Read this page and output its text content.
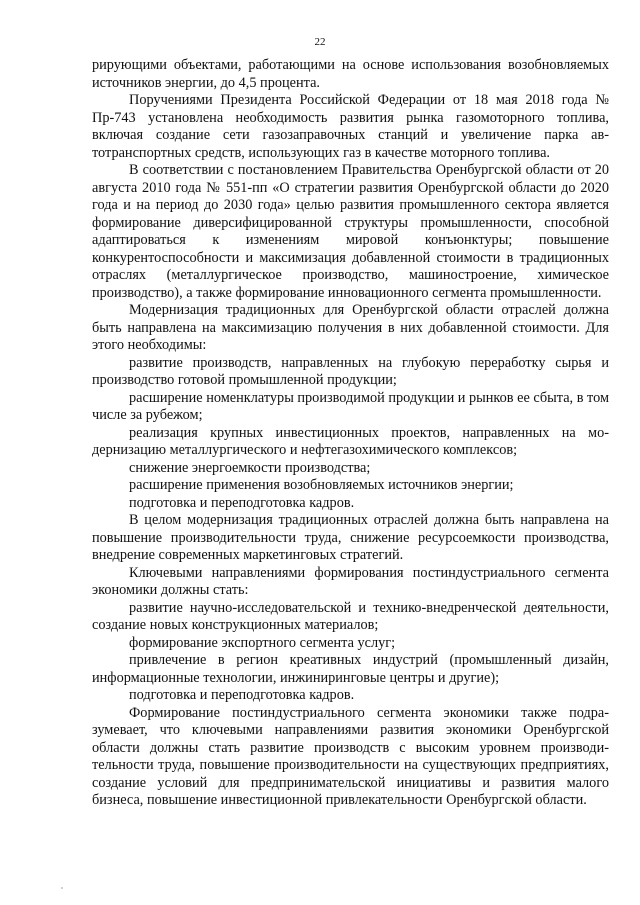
22

рирующими объектами, работающими на основе использования возобновляемых источников энергии, до 4,5 процента.

Поручениями Президента Российской Федерации от 18 мая 2018 года № Пр-743 установлена необходимость развития рынка газомоторного топлива, включая создание сети газозаправочных станций и увеличение парка автотранспортных средств, использующих газ в качестве моторного топлива.

В соответствии с постановлением Правительства Оренбургской области от 20 августа 2010 года № 551-пп «О стратегии развития Оренбургской области до 2020 года и на период до 2030 года» целью развития промышленного сектора является формирование диверсифицированной структуры промышленности, способной адаптироваться к изменениям мировой конъюнктуры; повышение конкурентоспособности и максимизация добавленной стоимости в традиционных отраслях (металлургическое производство, машиностроение, химическое производство), а также формирование инновационного сегмента промышленности.

Модернизация традиционных для Оренбургской области отраслей должна быть направлена на максимизацию получения в них добавленной стоимости. Для этого необходимы:

развитие производств, направленных на глубокую переработку сырья и производство готовой промышленной продукции;

расширение номенклатуры производимой продукции и рынков ее сбыта, в том числе за рубежом;

реализация крупных инвестиционных проектов, направленных на модернизацию металлургического и нефтегазохимического комплексов;

снижение энергоемкости производства;

расширение применения возобновляемых источников энергии;

подготовка и переподготовка кадров.

В целом модернизация традиционных отраслей должна быть направлена на повышение производительности труда, снижение ресурсоемкости производства, внедрение современных маркетинговых стратегий.

Ключевыми направлениями формирования постиндустриального сегмента экономики должны стать:

развитие научно-исследовательской и технико-внедренческой деятельности, создание новых конструкционных материалов;

формирование экспортного сегмента услуг;

привлечение в регион креативных индустрий (промышленный дизайн, информационные технологии, инжиниринговые центры и другие);

подготовка и переподготовка кадров.

Формирование постиндустриального сегмента экономики также подразумевает, что ключевыми направлениями развития экономики Оренбургской области должны стать развитие производств с высоким уровнем производительности труда, повышение производительности на существующих предприятиях, создание условий для предпринимательской инициативы и развития малого бизнеса, повышение инвестиционной привлекательности Оренбургской области.
